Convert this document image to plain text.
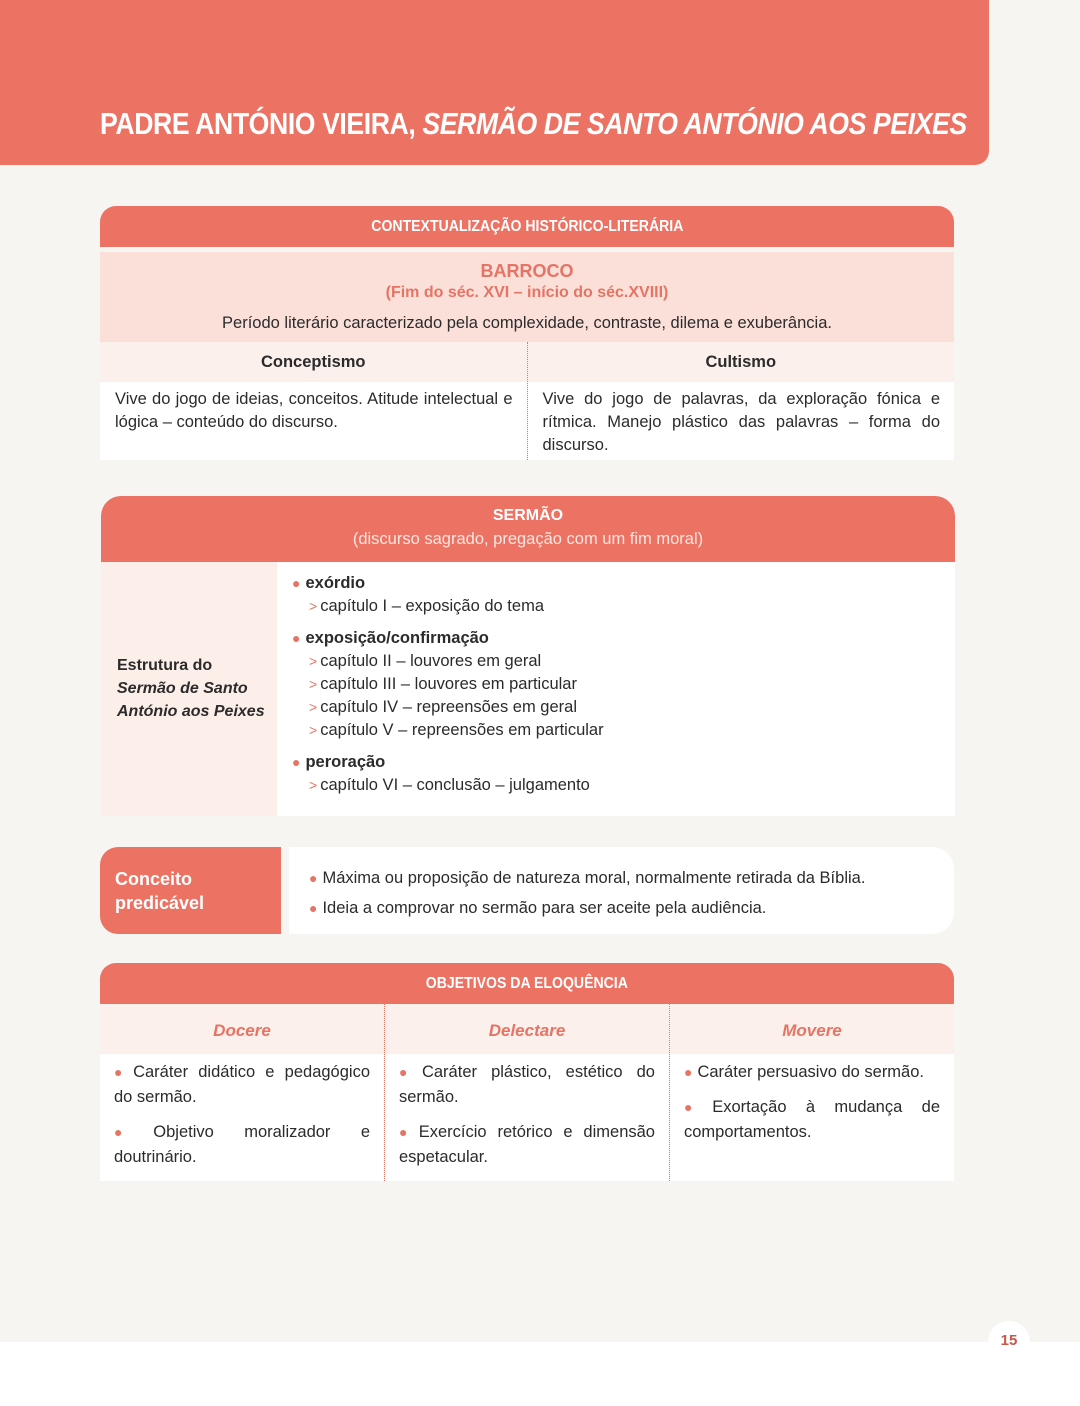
PADRE ANTÓNIO VIEIRA, SERMÃO DE SANTO ANTÓNIO AOS PEIXES
CONTEXTUALIZAÇÃO HISTÓRICO-LITERÁRIA
BARROCO
(Fim do séc. XVI – início do séc.XVIII)
Período literário caracterizado pela complexidade, contraste, dilema e exuberância.
Conceptismo
Vive do jogo de ideias, conceitos. Atitude intelectual e lógica – conteúdo do discurso.
Cultismo
Vive do jogo de palavras, da exploração fónica e rítmica. Manejo plástico das palavras – forma do discurso.
SERMÃO
(discurso sagrado, pregação com um fim moral)
Estrutura do
Sermão de Santo
António aos Peixes
● exórdio
> capítulo I – exposição do tema
● exposição/confirmação
> capítulo II – louvores em geral
> capítulo III – louvores em particular
> capítulo IV – repreensões em geral
> capítulo V – repreensões em particular
● peroração
> capítulo VI – conclusão – julgamento
Conceito
predicável
● Máxima ou proposição de natureza moral, normalmente retirada da Bíblia.
● Ideia a comprovar no sermão para ser aceite pela audiência.
OBJETIVOS DA ELOQUÊNCIA
Docere
● Caráter didático e pedagógico do sermão.
● Objetivo moralizador e doutrinário.
Delectare
● Caráter plástico, estético do sermão.
● Exercício retórico e dimensão espetacular.
Movere
● Caráter persuasivo do sermão.
● Exortação à mudança de comportamentos.
15
